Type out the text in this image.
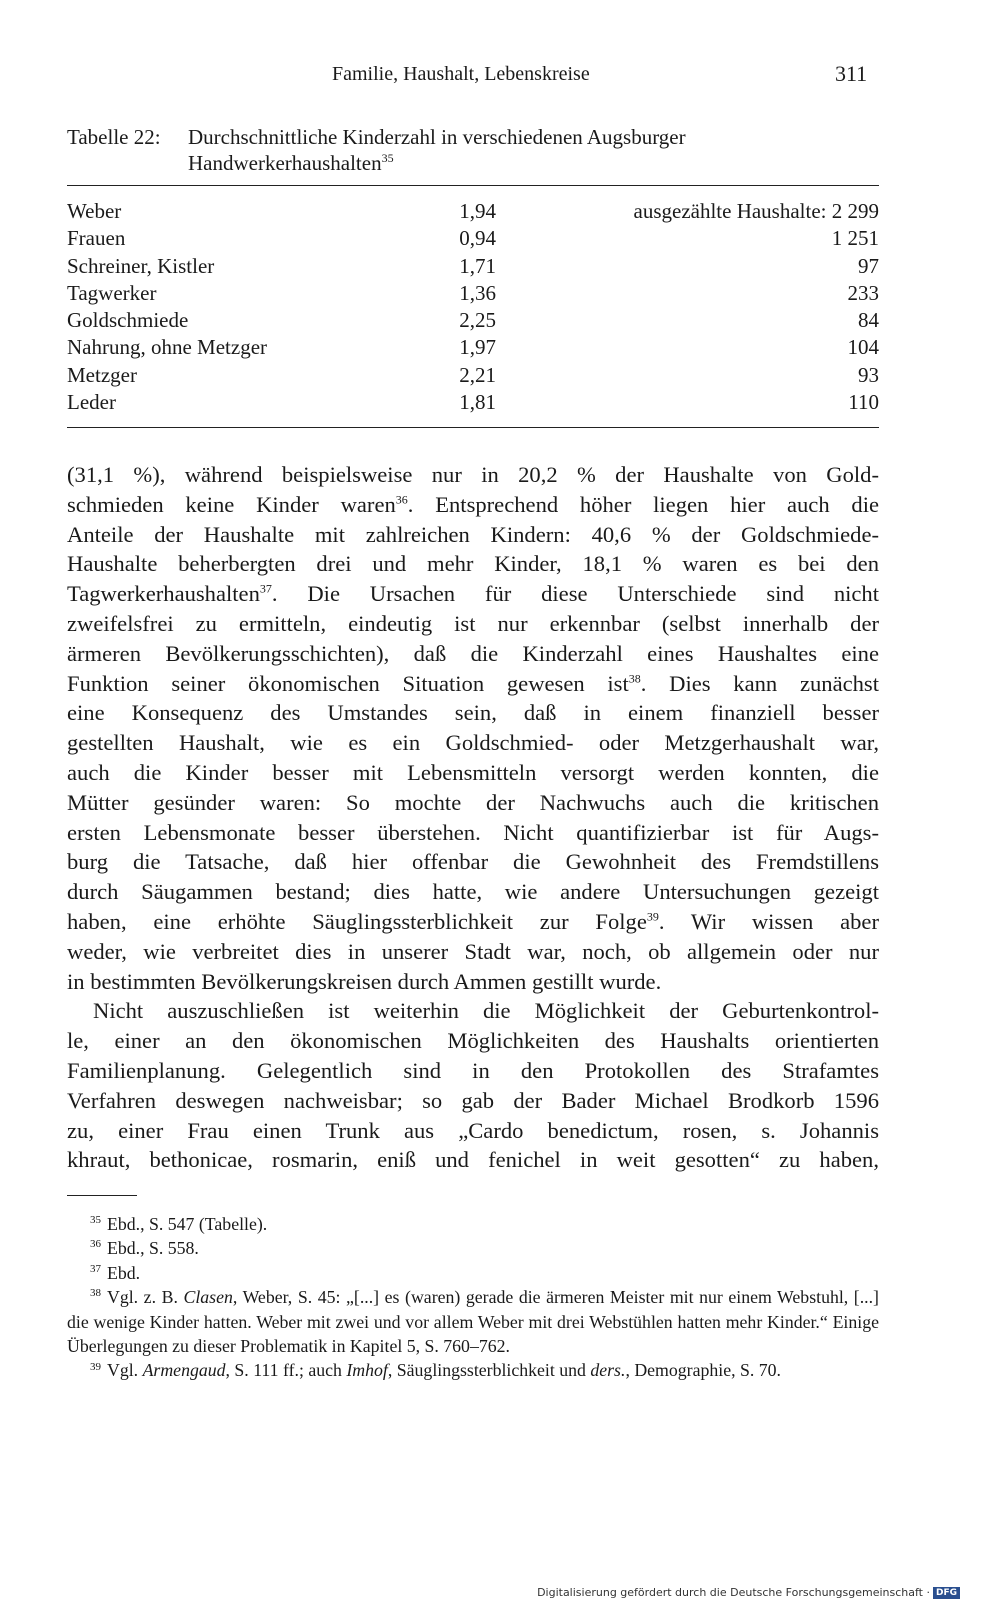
Familie, Haushalt, Lebenskreise	311
Tabelle 22: Durchschnittliche Kinderzahl in verschiedenen Augsburger
Handwerkerhaushalten$^{35}$
Weber	1,94	ausgezählte Haushalte: 2 299
Frauen	0,94	1 251
Schreiner, Kistler	1,71	97
Tagwerker	1,36	233
Goldschmiede	2,25	84
Nahrung, ohne Metzger	1,97	104
Metzger	2,21	93
Leder	1,81	110

(31,1 %), während beispielsweise nur in 20,2 % der Haushalte von Gold-

schmieden keine Kinder waren$^{36}$. Entsprechend höher liegen hier auch die

Anteile der Haushalte mit zahlreichen Kindern: 40,6 % der Goldschmiede-

Haushalte beherbergten drei und mehr Kinder, 18,1 % waren es bei den

Tagwerkerhaushalten$^{37}$. Die Ursachen für diese Unterschiede sind nicht

zweifelsfrei zu ermitteln, eindeutig ist nur erkennbar (selbst innerhalb der

ärmeren Bevölkerungsschichten), daß die Kinderzahl eines Haushaltes eine

Funktion seiner ökonomischen Situation gewesen ist$^{38}$. Dies kann zunächst

eine Konsequenz des Umstandes sein, daß in einem finanziell besser

gestellten Haushalt, wie es ein Goldschmied- oder Metzgerhaushalt war,

auch die Kinder besser mit Lebensmitteln versorgt werden konnten, die

Mütter gesünder waren: So mochte der Nachwuchs auch die kritischen

ersten Lebensmonate besser überstehen. Nicht quantifizierbar ist für Augs-

burg die Tatsache, daß hier offenbar die Gewohnheit des Fremdstillens

durch Säugammen bestand; dies hatte, wie andere Untersuchungen gezeigt

haben, eine erhöhte Säuglingssterblichkeit zur Folge$^{39}$. Wir wissen aber

weder, wie verbreitet dies in unserer Stadt war, noch, ob allgemein oder nur

in bestimmten Bevölkerungskreisen durch Ammen gestillt wurde.

Nicht auszuschließen ist weiterhin die Möglichkeit der Geburtenkontrol-

le, einer an den ökonomischen Möglichkeiten des Haushalts orientierten

Familienplanung. Gelegentlich sind in den Protokollen des Strafamtes

Verfahren deswegen nachweisbar; so gab der Bader Michael Brodkorb 1596

zu, einer Frau einen Trunk aus „Cardo benedictum, rosen, s. Johannis

khraut, bethonicae, rosmarin, eniß und fenichel in weit gesotten“ zu haben,

$^{35}$ Ebd., S. 547 (Tabelle).

$^{36}$ Ebd., S. 558.

$^{37}$ Ebd.

$^{38}$ Vgl. z. B. Clasen, Weber, S. 45: „[...] es (waren) gerade die ärmeren Meister mit nur einem Webstuhl, [...] die wenige Kinder hatten. Weber mit zwei und vor allem Weber mit drei Webstühlen hatten mehr Kinder.“ Einige Überlegungen zu dieser Problematik in Kapitel 5, S. 760–762.

$^{39}$ Vgl. Armengaud, S. 111 ff.; auch Imhof, Säuglingssterblichkeit und ders., Demographie, S. 70.

Digitalisierung gefördert durch die Deutsche Forschungsgemeinschaft · DFG
